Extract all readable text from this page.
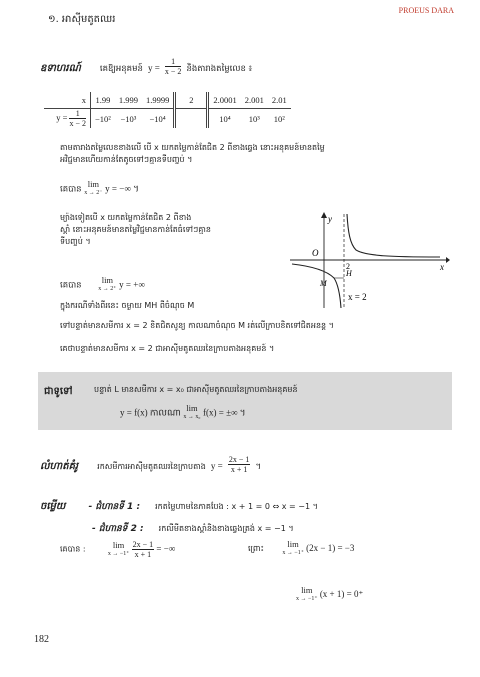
PROEUS DARA
១. អាស៊ីមតូតឈរ
ឧទាហរណ៍ គេឱ្យអនុគមន៍ $y = \frac{1}{x - 2}$ និងតារាងតម្លៃលេខ ៖
x	1.99	1.999	1.9999	2	2.0001	2.001	2.01
$y = \frac{1}{x - 2}$	−10²	−10³	−10⁴		10⁴	10³	10²
តាមតារាងតម្លៃលេខខាងលើ បើ x យកតម្លៃកាន់តែជិត 2 ពីខាងឆ្វេង នោះអនុគមន៍មានតម្លៃ
អវិជ្ជមានហើយកាន់តែតូចទៅៗគ្មានទីបញ្ចប់ ។
គេបាន lim
x → 2⁻ y = −∞ ។
ម្យ៉ាងទៀតបើ x យកតម្លៃកាន់តែជិត 2 ពីខាង
ស្តាំ នោះអនុគមន៍មានតម្លៃវិជ្ជមានកាន់តែធំទៅៗគ្មាន
ទីបញ្ចប់ ។
គេបាន lim
x → 2⁺ y = +∞
ក្នុងករណីទាំងពីរនេះ ចម្ងាយ MH ពីចំណុច M
ទៅបន្ទាត់មានសមីការ x = 2 ខិតជិតសូន្យ កាលណាចំណុច M រត់លើក្រាបខិតទៅជិតអនន្ត ។
គេថាបន្ទាត់មានសមីការ x = 2 ជាអាស៊ីមតូតឈរនៃក្រាបតាងអនុគមន៍ ។
y
x
O
2
M
H
x = 2
ជាទូទៅ	បន្ទាត់ L មានសមីការ x = x₀ ជាអាស៊ីមតូតឈរនៃក្រាបតាងអនុគមន៍
y = f(x) កាលណា lim
x → x₀ f(x) = ±∞ ។
លំហាត់គំរូ រកសមីការអាស៊ីមតូតឈរនៃក្រាបតាង $y = \frac{2x - 1}{x + 1}$ ។
ចម្លើយ	- ជំហានទី 1 : រកតម្លៃហាមនៃភាគបែង : x + 1 = 0 ⇔ x = −1 ។
- ជំហានទី 2 : រកលីមីតខាងស្តាំនិងខាងឆ្វេងត្រង់ x = −1 ។
គេបាន :	lim
x → −1⁺
$\frac{2x - 1}{x + 1}$ = −∞	ព្រោះ	lim
x → −1⁺ (2x − 1) = −3
lim
x → −1⁺ (x + 1) = 0⁺
182
